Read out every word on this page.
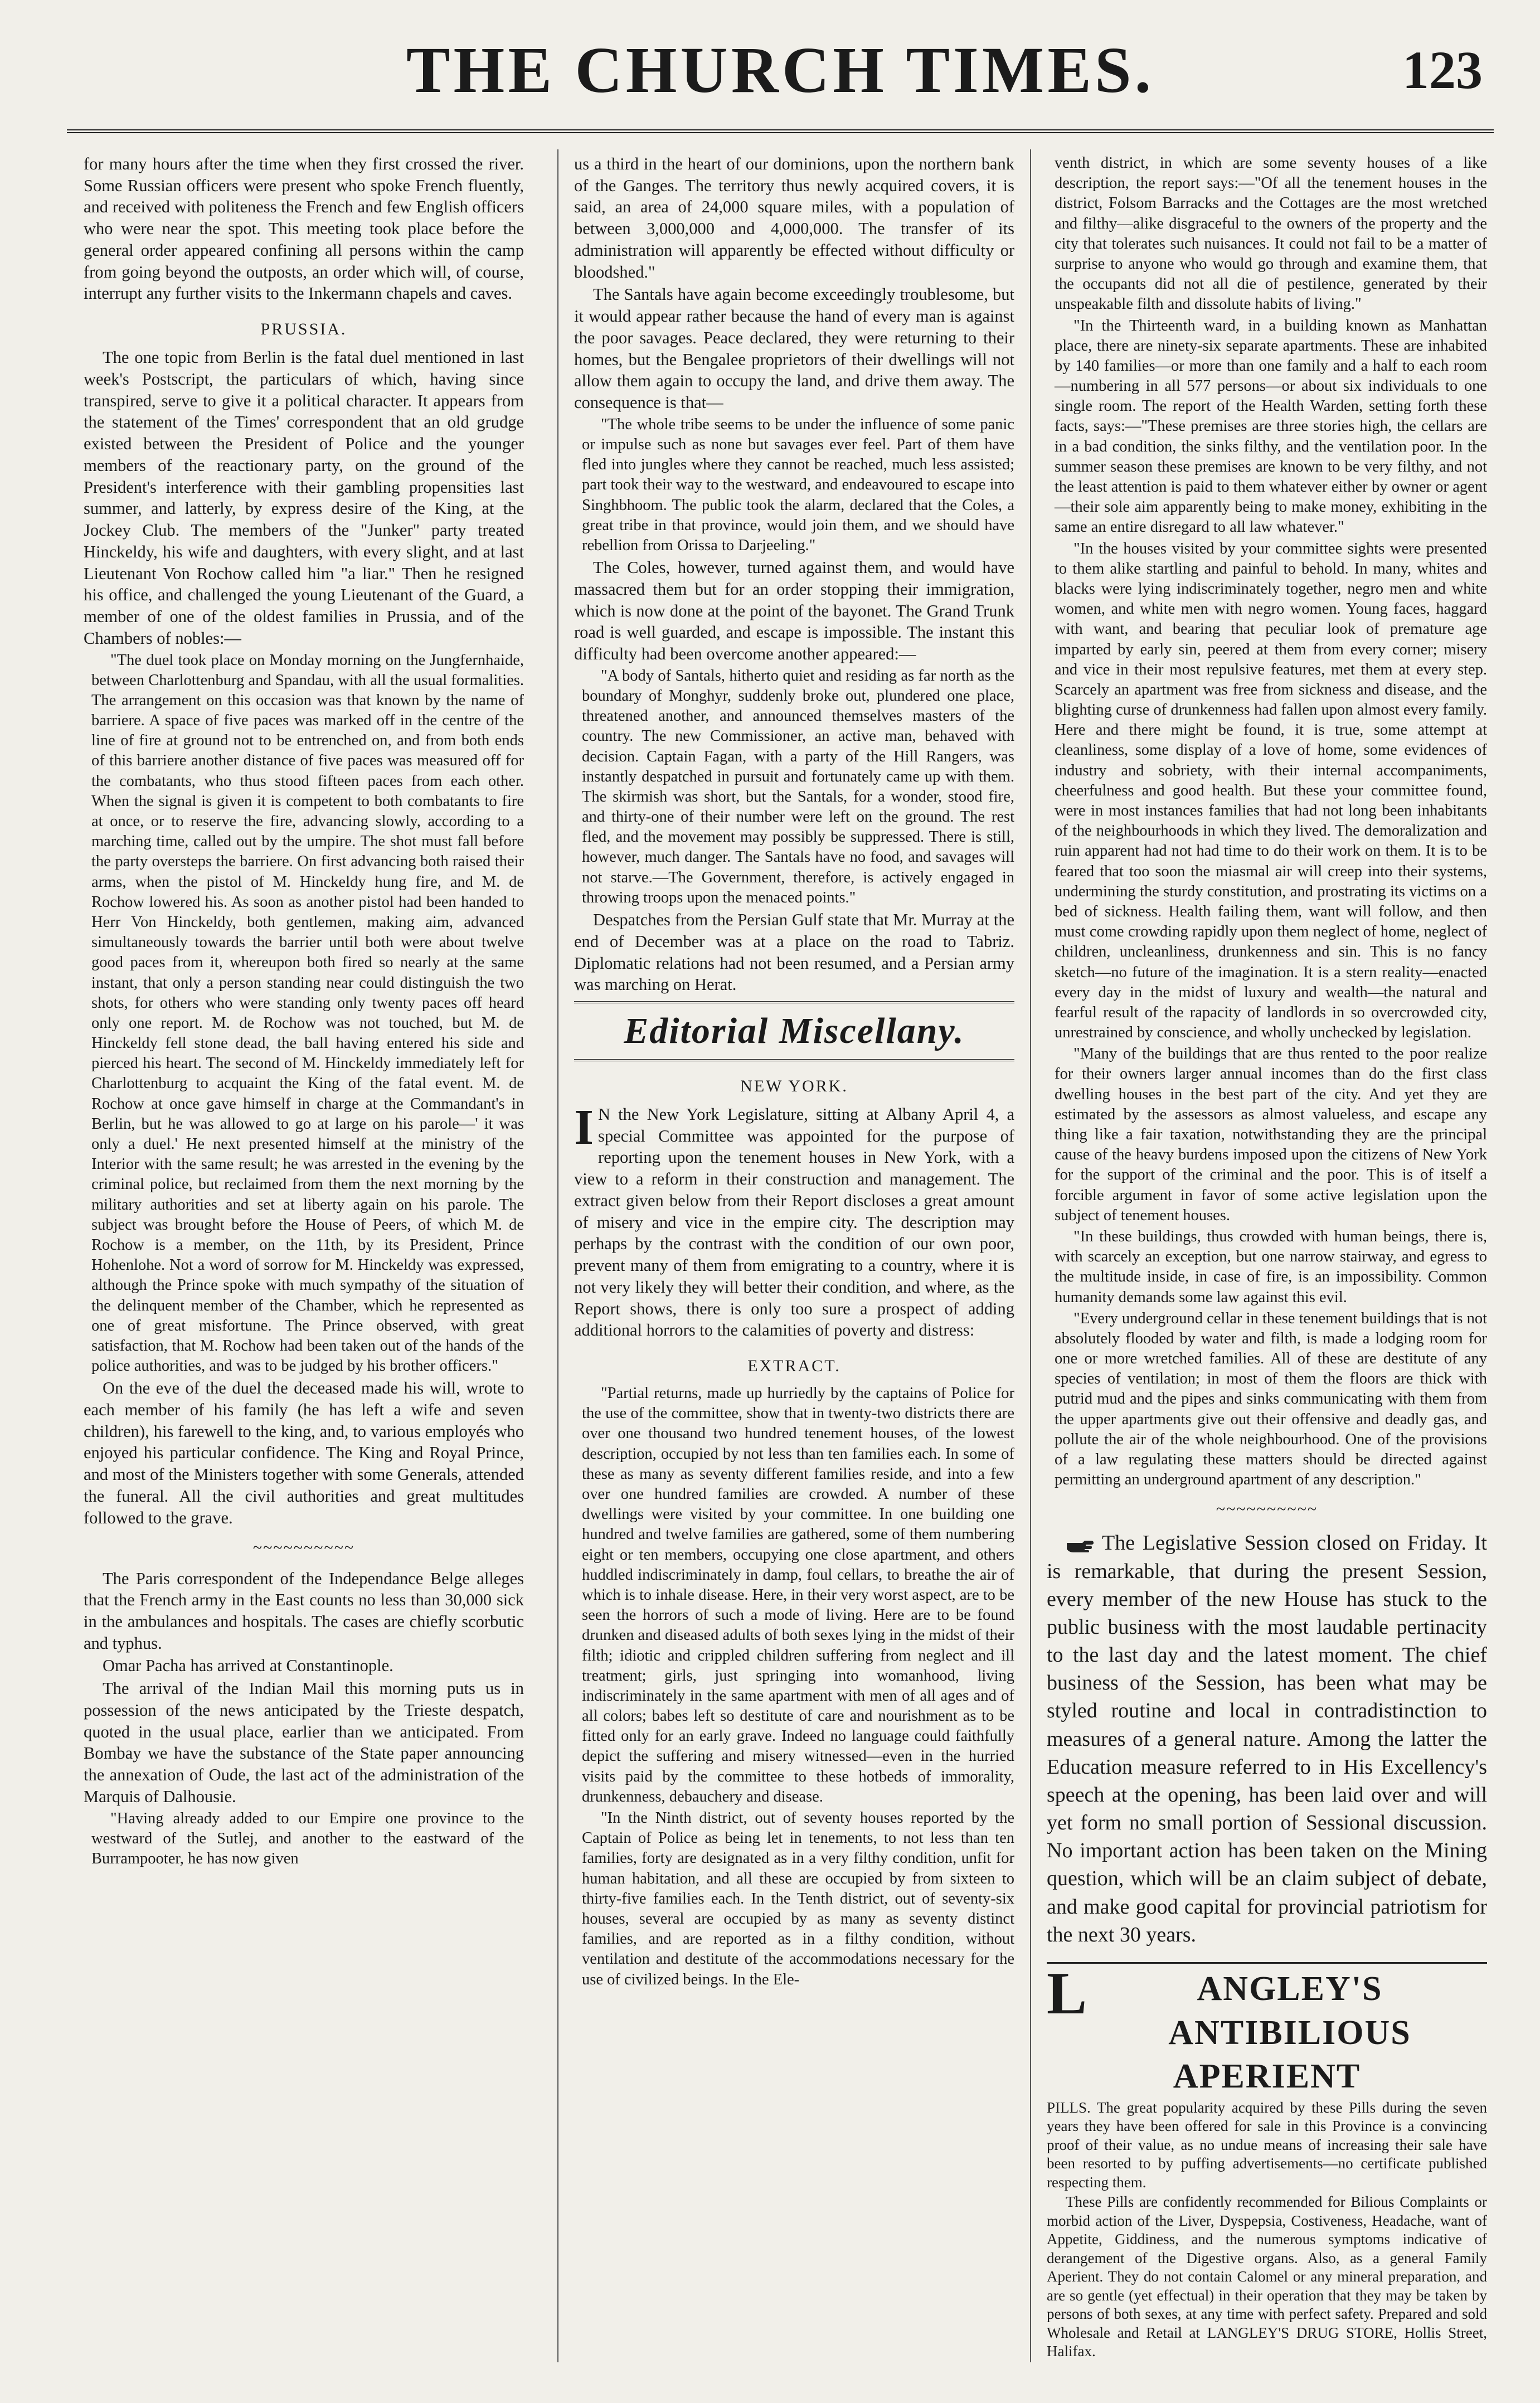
THE CHURCH TIMES.	123

for many hours after the time when they first crossed the river. Some Russian officers were present who spoke French fluently, and received with politeness the French and few English officers who were near the spot. This meeting took place before the general order appeared confining all persons within the camp from going beyond the outposts, an order which will, of course, interrupt any further visits to the Inkermann chapels and caves.

PRUSSIA.

The one topic from Berlin is the fatal duel mentioned in last week's Postscript, the particulars of which, having since transpired, serve to give it a political character. It appears from the statement of the Times' correspondent that an old grudge existed between the President of Police and the younger members of the reactionary party, on the ground of the President's interference with their gambling propensities last summer, and latterly, by express desire of the King, at the Jockey Club. The members of the "Junker" party treated Hinckeldy, his wife and daughters, with every slight, and at last Lieutenant Von Rochow called him "a liar." Then he resigned his office, and challenged the young Lieutenant of the Guard, a member of one of the oldest families in Prussia, and of the Chambers of nobles:—

"The duel took place on Monday morning on the Jungfernhaide, between Charlottenburg and Spandau, with all the usual formalities. The arrangement on this occasion was that known by the name of barriere. A space of five paces was marked off in the centre of the line of fire at ground not to be entrenched on, and from both ends of this barriere another distance of five paces was measured off for the combatants, who thus stood fifteen paces from each other. When the signal is given it is competent to both combatants to fire at once, or to reserve the fire, advancing slowly, according to a marching time, called out by the umpire. The shot must fall before the party oversteps the barriere. On first advancing both raised their arms, when the pistol of M. Hinckeldy hung fire, and M. de Rochow lowered his. As soon as another pistol had been handed to Herr Von Hinckeldy, both gentlemen, making aim, advanced simultaneously towards the barrier until both were about twelve good paces from it, whereupon both fired so nearly at the same instant, that only a person standing near could distinguish the two shots, for others who were standing only twenty paces off heard only one report. M. de Rochow was not touched, but M. de Hinckeldy fell stone dead, the ball having entered his side and pierced his heart. The second of M. Hinckeldy immediately left for Charlottenburg to acquaint the King of the fatal event. M. de Rochow at once gave himself in charge at the Commandant's in Berlin, but he was allowed to go at large on his parole—' it was only a duel.' He next presented himself at the ministry of the Interior with the same result; he was arrested in the evening by the criminal police, but reclaimed from them the next morning by the military authorities and set at liberty again on his parole. The subject was brought before the House of Peers, of which M. de Rochow is a member, on the 11th, by its President, Prince Hohenlohe. Not a word of sorrow for M. Hinckeldy was expressed, although the Prince spoke with much sympathy of the situation of the delinquent member of the Chamber, which he represented as one of great misfortune. The Prince observed, with great satisfaction, that M. Rochow had been taken out of the hands of the police authorities, and was to be judged by his brother officers."

On the eve of the duel the deceased made his will, wrote to each member of his family (he has left a wife and seven children), his farewell to the king, and, to various employés who enjoyed his particular confidence. The King and Royal Prince, and most of the Ministers together with some Generals, attended the funeral. All the civil authorities and great multitudes followed to the grave.

~~~~~~~~~~

The Paris correspondent of the Independance Belge alleges that the French army in the East counts no less than 30,000 sick in the ambulances and hospitals. The cases are chiefly scorbutic and typhus.

Omar Pacha has arrived at Constantinople.

The arrival of the Indian Mail this morning puts us in possession of the news anticipated by the Trieste despatch, quoted in the usual place, earlier than we anticipated. From Bombay we have the substance of the State paper announcing the annexation of Oude, the last act of the administration of the Marquis of Dalhousie.

"Having already added to our Empire one province to the westward of the Sutlej, and another to the eastward of the Burrampooter, he has now given

us a third in the heart of our dominions, upon the northern bank of the Ganges. The territory thus newly acquired covers, it is said, an area of 24,000 square miles, with a population of between 3,000,000 and 4,000,000. The transfer of its administration will apparently be effected without difficulty or bloodshed."

The Santals have again become exceedingly troublesome, but it would appear rather because the hand of every man is against the poor savages. Peace declared, they were returning to their homes, but the Bengalee proprietors of their dwellings will not allow them again to occupy the land, and drive them away. The consequence is that—

"The whole tribe seems to be under the influence of some panic or impulse such as none but savages ever feel. Part of them have fled into jungles where they cannot be reached, much less assisted; part took their way to the westward, and endeavoured to escape into Singhbhoom. The public took the alarm, declared that the Coles, a great tribe in that province, would join them, and we should have rebellion from Orissa to Darjeeling."

The Coles, however, turned against them, and would have massacred them but for an order stopping their immigration, which is now done at the point of the bayonet. The Grand Trunk road is well guarded, and escape is impossible. The instant this difficulty had been overcome another appeared:—

"A body of Santals, hitherto quiet and residing as far north as the boundary of Monghyr, suddenly broke out, plundered one place, threatened another, and announced themselves masters of the country. The new Commissioner, an active man, behaved with decision. Captain Fagan, with a party of the Hill Rangers, was instantly despatched in pursuit and fortunately came up with them. The skirmish was short, but the Santals, for a wonder, stood fire, and thirty-one of their number were left on the ground. The rest fled, and the movement may possibly be suppressed. There is still, however, much danger. The Santals have no food, and savages will not starve.—The Government, therefore, is actively engaged in throwing troops upon the menaced points."

Despatches from the Persian Gulf state that Mr. Murray at the end of December was at a place on the road to Tabriz. Diplomatic relations had not been resumed, and a Persian army was marching on Herat.

Editorial Miscellany.
NEW YORK.

I N the New York Legislature, sitting at Albany April 4, a special Committee was appointed for the purpose of reporting upon the tenement houses in New York, with a view to a reform in their construction and management. The extract given below from their Report discloses a great amount of misery and vice in the empire city. The description may perhaps by the contrast with the condition of our own poor, prevent many of them from emigrating to a country, where it is not very likely they will better their condition, and where, as the Report shows, there is only too sure a prospect of adding additional horrors to the calamities of poverty and distress:

EXTRACT.

"Partial returns, made up hurriedly by the captains of Police for the use of the committee, show that in twenty-two districts there are over one thousand two hundred tenement houses, of the lowest description, occupied by not less than ten families each. In some of these as many as seventy different families reside, and into a few over one hundred families are crowded. A number of these dwellings were visited by your committee. In one building one hundred and twelve families are gathered, some of them numbering eight or ten members, occupying one close apartment, and others huddled indiscriminately in damp, foul cellars, to breathe the air of which is to inhale disease. Here, in their very worst aspect, are to be seen the horrors of such a mode of living. Here are to be found drunken and diseased adults of both sexes lying in the midst of their filth; idiotic and crippled children suffering from neglect and ill treatment; girls, just springing into womanhood, living indiscriminately in the same apartment with men of all ages and of all colors; babes left so destitute of care and nourishment as to be fitted only for an early grave. Indeed no language could faithfully depict the suffering and misery witnessed—even in the hurried visits paid by the committee to these hotbeds of immorality, drunkenness, debauchery and disease.

"In the Ninth district, out of seventy houses reported by the Captain of Police as being let in tenements, to not less than ten families, forty are designated as in a very filthy condition, unfit for human habitation, and all these are occupied by from sixteen to thirty-five families each. In the Tenth district, out of seventy-six houses, several are occupied by as many as seventy distinct families, and are reported as in a filthy condition, without ventilation and destitute of the accommodations necessary for the use of civilized beings. In the Ele-

venth district, in which are some seventy houses of a like description, the report says:—"Of all the tenement houses in the district, Folsom Barracks and the Cottages are the most wretched and filthy—alike disgraceful to the owners of the property and the city that tolerates such nuisances. It could not fail to be a matter of surprise to anyone who would go through and examine them, that the occupants did not all die of pestilence, generated by their unspeakable filth and dissolute habits of living."

"In the Thirteenth ward, in a building known as Manhattan place, there are ninety-six separate apartments. These are inhabited by 140 families—or more than one family and a half to each room—numbering in all 577 persons—or about six individuals to one single room. The report of the Health Warden, setting forth these facts, says:—"These premises are three stories high, the cellars are in a bad condition, the sinks filthy, and the ventilation poor. In the summer season these premises are known to be very filthy, and not the least attention is paid to them whatever either by owner or agent—their sole aim apparently being to make money, exhibiting in the same an entire disregard to all law whatever."

"In the houses visited by your committee sights were presented to them alike startling and painful to behold. In many, whites and blacks were lying indiscriminately together, negro men and white women, and white men with negro women. Young faces, haggard with want, and bearing that peculiar look of premature age imparted by early sin, peered at them from every corner; misery and vice in their most repulsive features, met them at every step. Scarcely an apartment was free from sickness and disease, and the blighting curse of drunkenness had fallen upon almost every family. Here and there might be found, it is true, some attempt at cleanliness, some display of a love of home, some evidences of industry and sobriety, with their internal accompaniments, cheerfulness and good health. But these your committee found, were in most instances families that had not long been inhabitants of the neighbourhoods in which they lived. The demoralization and ruin apparent had not had time to do their work on them. It is to be feared that too soon the miasmal air will creep into their systems, undermining the sturdy constitution, and prostrating its victims on a bed of sickness. Health failing them, want will follow, and then must come crowding rapidly upon them neglect of home, neglect of children, uncleanliness, drunkenness and sin. This is no fancy sketch—no future of the imagination. It is a stern reality—enacted every day in the midst of luxury and wealth—the natural and fearful result of the rapacity of landlords in so overcrowded city, unrestrained by conscience, and wholly unchecked by legislation.

"Many of the buildings that are thus rented to the poor realize for their owners larger annual incomes than do the first class dwelling houses in the best part of the city. And yet they are estimated by the assessors as almost valueless, and escape any thing like a fair taxation, notwithstanding they are the principal cause of the heavy burdens imposed upon the citizens of New York for the support of the criminal and the poor. This is of itself a forcible argument in favor of some active legislation upon the subject of tenement houses.

"In these buildings, thus crowded with human beings, there is, with scarcely an exception, but one narrow stairway, and egress to the multitude inside, in case of fire, is an impossibility. Common humanity demands some law against this evil.

"Every underground cellar in these tenement buildings that is not absolutely flooded by water and filth, is made a lodging room for one or more wretched families. All of these are destitute of any species of ventilation; in most of them the floors are thick with putrid mud and the pipes and sinks communicating with them from the upper apartments give out their offensive and deadly gas, and pollute the air of the whole neighbourhood. One of the provisions of a law regulating these matters should be directed against permitting an underground apartment of any description."

~~~~~~~~~~

The Legislative Session closed on Friday. It is remarkable, that during the present Session, every member of the new House has stuck to the public business with the most laudable pertinacity to the last day and the latest moment. The chief business of the Session, has been what may be styled routine and local in contradistinction to measures of a general nature. Among the latter the Education measure referred to in His Excellency's speech at the opening, has been laid over and will yet form no small portion of Sessional discussion. No important action has been taken on the Mining question, which will be an claim subject of debate, and make good capital for provincial patriotism for the next 30 years.

L	ANGLEY'S ANTIBILIOUS APERIENT

PILLS. The great popularity acquired by these Pills during the seven years they have been offered for sale in this Province is a convincing proof of their value, as no undue means of increasing their sale have been resorted to by puffing advertisements—no certificate published respecting them.

These Pills are confidently recommended for Bilious Complaints or morbid action of the Liver, Dyspepsia, Costiveness, Headache, want of Appetite, Giddiness, and the numerous symptoms indicative of derangement of the Digestive organs. Also, as a general Family Aperient. They do not contain Calomel or any mineral preparation, and are so gentle (yet effectual) in their operation that they may be taken by persons of both sexes, at any time with perfect safety. Prepared and sold Wholesale and Retail at LANGLEY'S DRUG STORE, Hollis Street, Halifax.
